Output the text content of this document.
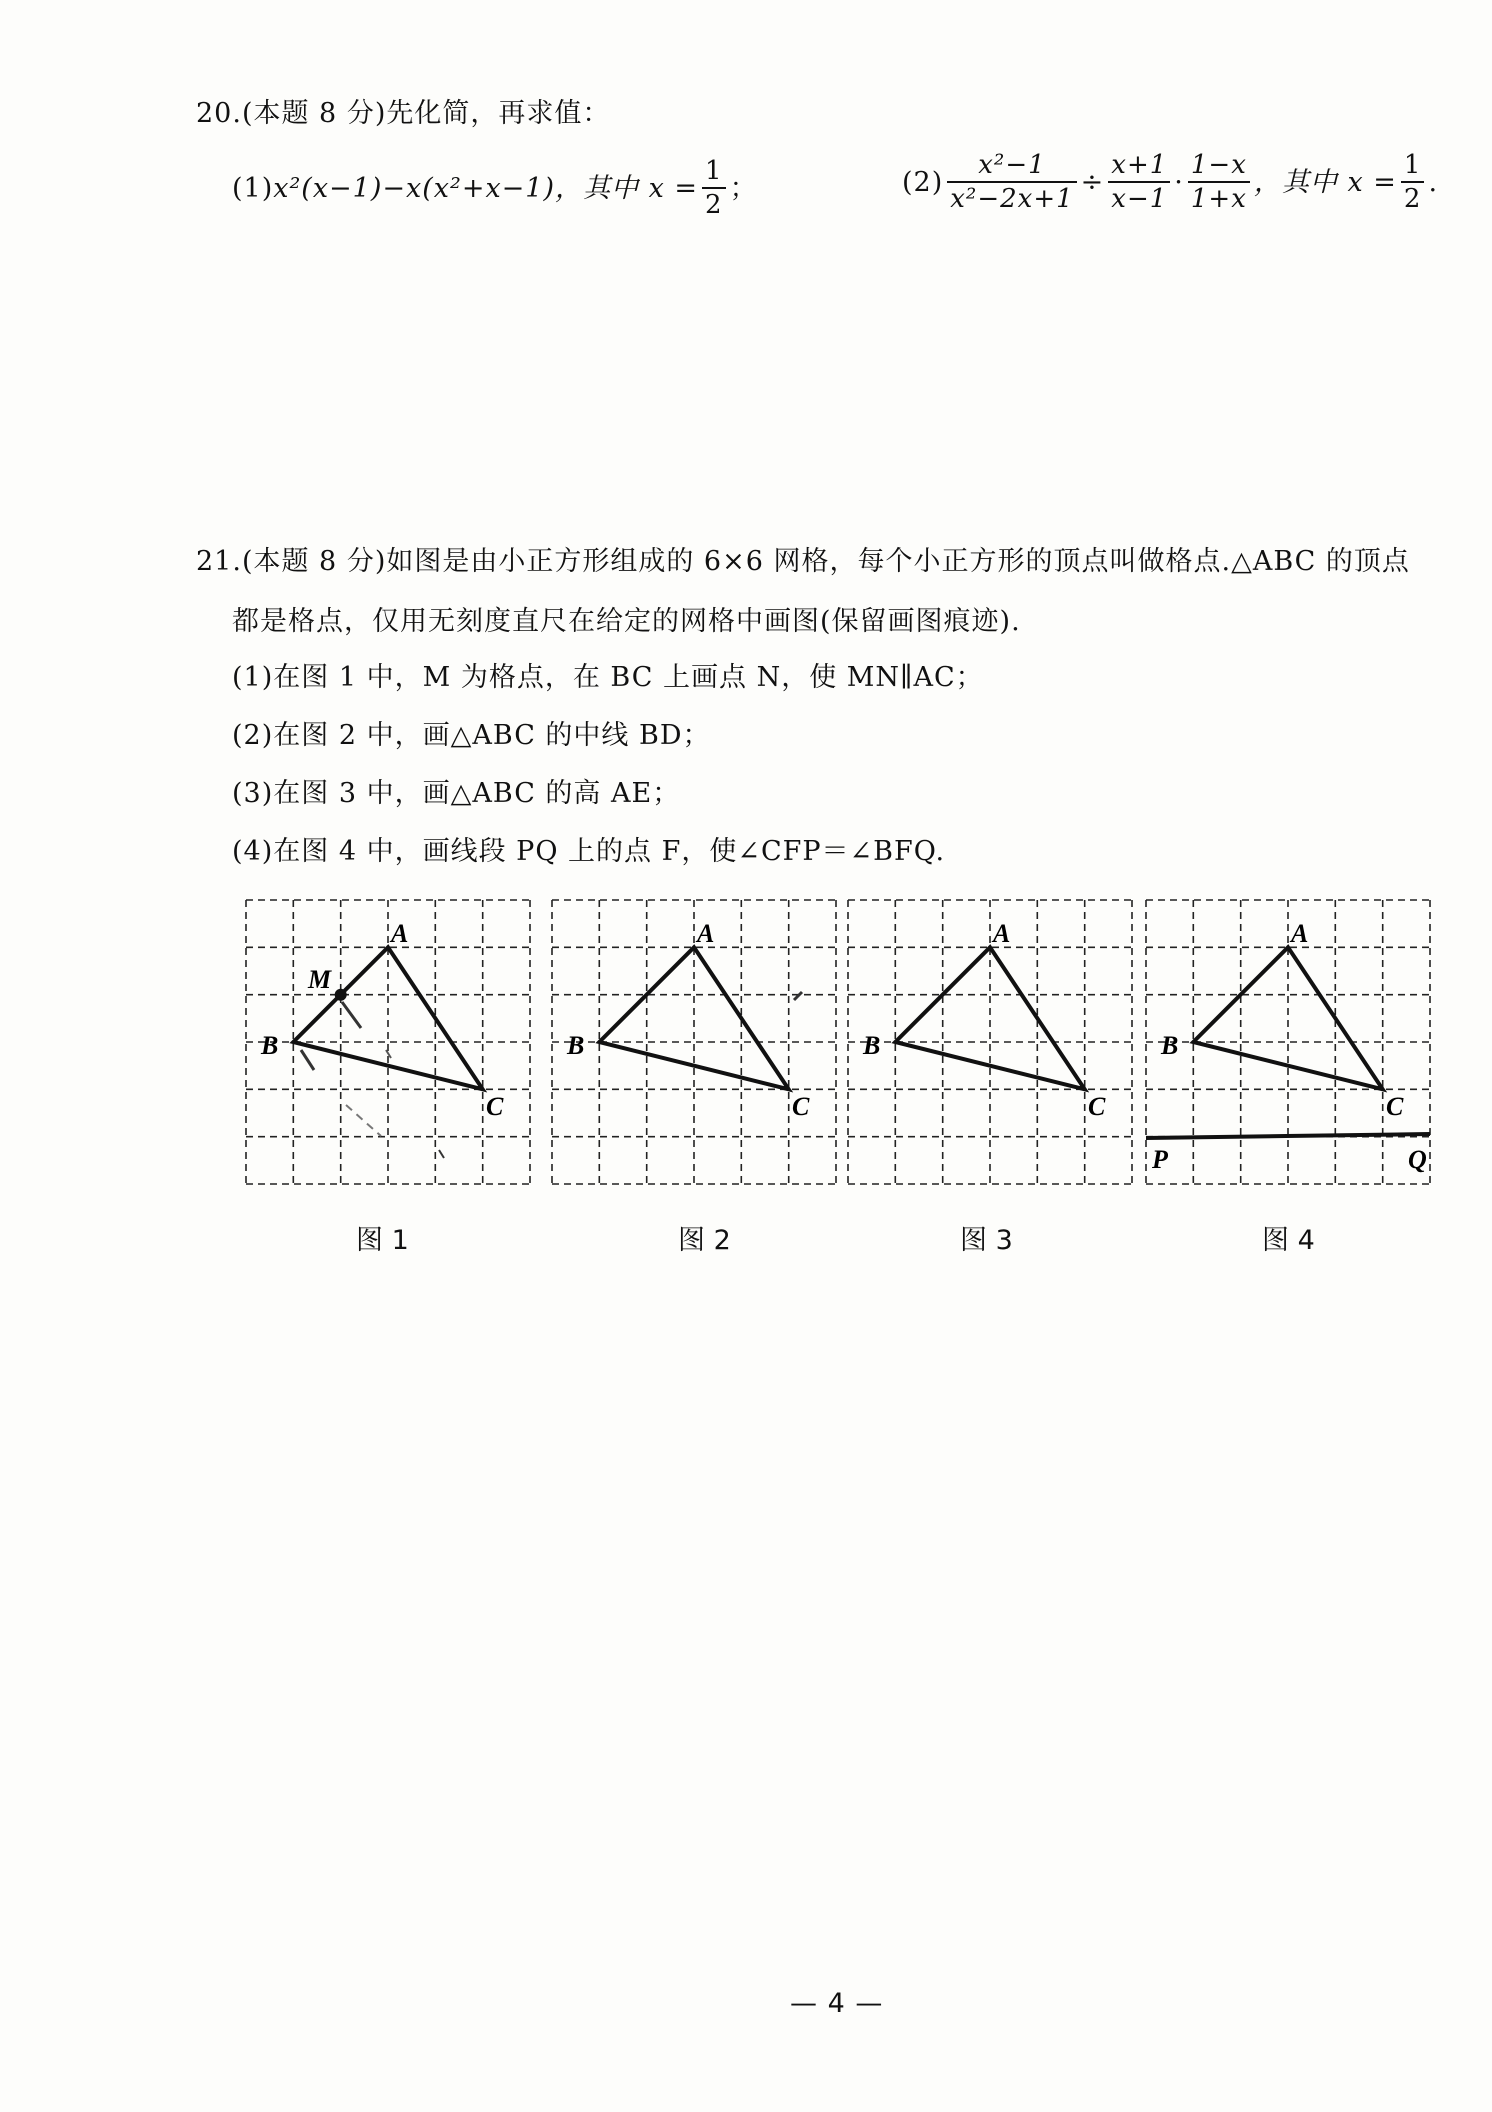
20.(本题 8 分)先化简，再求值：
(1) x²(x−1)−x(x²+x−1)，其中 $x = \frac{1}{2}$ ；	$(2) \frac{\text{x²−1}}{\text{x²−2x+1}} \div \frac{x+1}{x-1} \cdot \frac{1-x}{1+x}$ ，其中 $x = \frac{1}{2}$ .
21.(本题 8 分)如图是由小正方形组成的 6×6 网格，每个小正方形的顶点叫做格点.△ABC 的顶点
都是格点，仅用无刻度直尺在给定的网格中画图(保留画图痕迹).
(1)在图 1 中，M 为格点，在 BC 上画点 N，使 MN∥AC；
(2)在图 2 中，画△ABC 的中线 BD；
(3)在图 3 中，画△ABC 的高 AE；
(4)在图 4 中，画线段 PQ 上的点 F，使∠CFP＝∠BFQ.
A
B
C
M
图 1
A
B
C
图 2
A
B
C
图 3
A
B
C
P	Q
图 4
— 4 —
